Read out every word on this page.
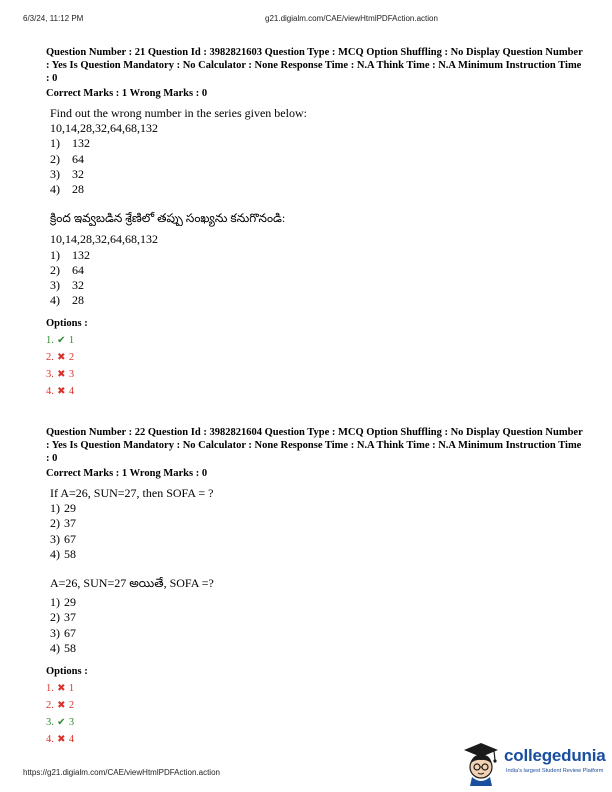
6/3/24, 11:12 PM	g21.digialm.com/CAE/viewHtmlPDFAction.action
Question Number : 21 Question Id : 3982821603 Question Type : MCQ Option Shuffling : No Display Question Number : Yes Is Question Mandatory : No Calculator : None Response Time : N.A Think Time : N.A Minimum Instruction Time : 0
Correct Marks : 1 Wrong Marks : 0
Find out the wrong number in the series given below:
10,14,28,32,64,68,132
1) 132
2) 64
3) 32
4) 28
క్రింద ఇవ్వబడిన శ్రేణిలో తప్పు సంఖ్యను కనుగొనండి:
10,14,28,32,64,68,132
1) 132
2) 64
3) 32
4) 28
Options :
1. ✔ 1
2. ✖ 2
3. ✖ 3
4. ✖ 4
Question Number : 22 Question Id : 3982821604 Question Type : MCQ Option Shuffling : No Display Question Number : Yes Is Question Mandatory : No Calculator : None Response Time : N.A Think Time : N.A Minimum Instruction Time : 0
Correct Marks : 1 Wrong Marks : 0
If A=26, SUN=27, then SOFA = ?
1) 29
2) 37
3) 67
4) 58
A=26, SUN=27 అయితే, SOFA =?
1) 29
2) 37
3) 67
4) 58
Options :
1. ✖ 1
2. ✖ 2
3. ✔ 3
4. ✖ 4
https://g21.digialm.com/CAE/viewHtmlPDFAction.action
collegedunia
India's largest Student Review Platform
